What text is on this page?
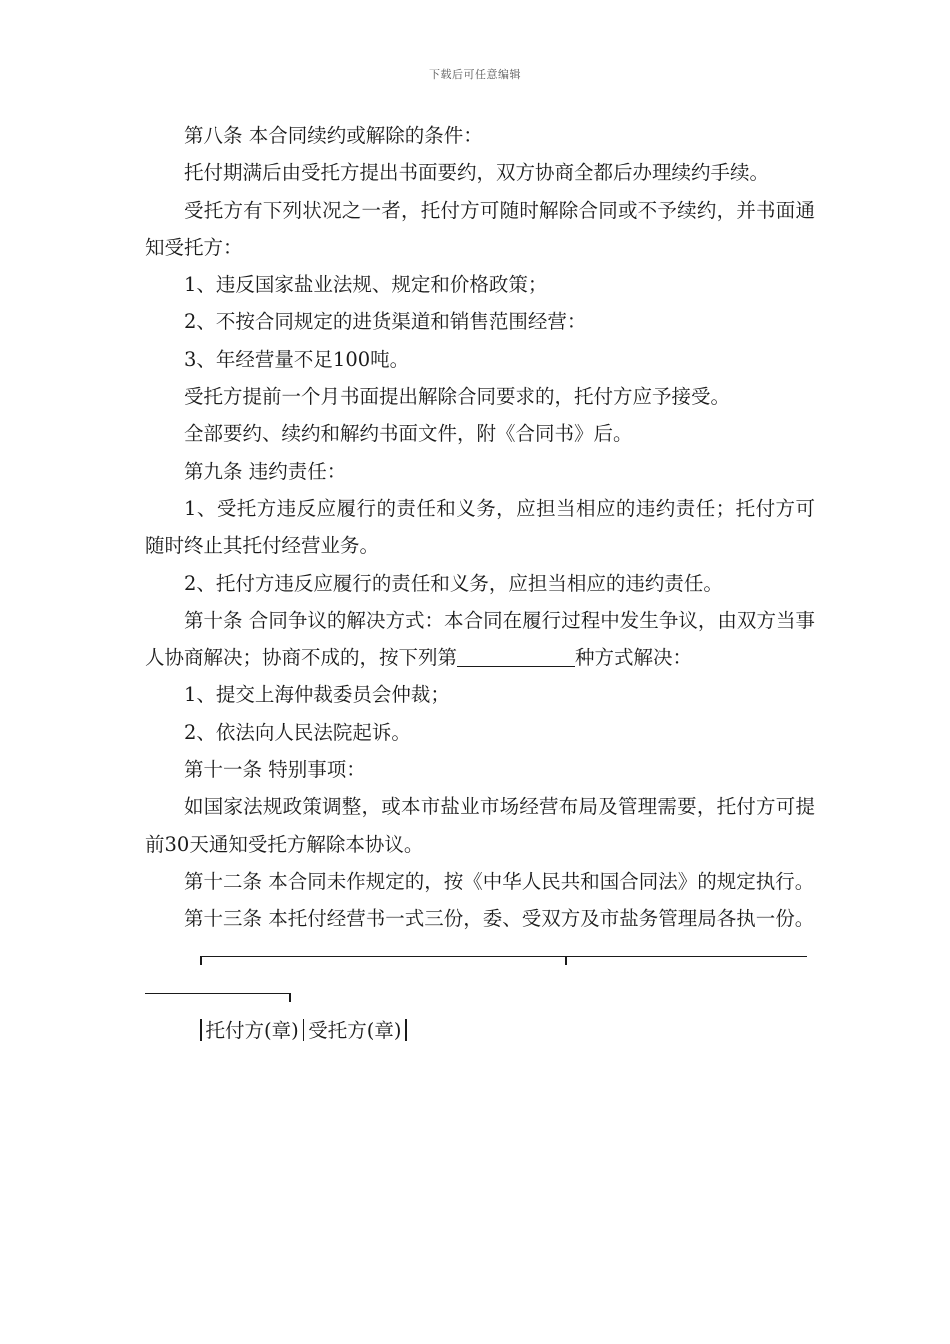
下载后可任意编辑

第八条 本合同续约或解除的条件：

托付期满后由受托方提出书面要约，双方协商全都后办理续约手续。

受托方有下列状况之一者，托付方可随时解除合同或不予续约，并书面通知受托方：

1、违反国家盐业法规、规定和价格政策；

2、不按合同规定的进货渠道和销售范围经营：

3、年经营量不足100吨。

受托方提前一个月书面提出解除合同要求的，托付方应予接受。

全部要约、续约和解约书面文件，附《合同书》后。

第九条 违约责任：

1、受托方违反应履行的责任和义务，应担当相应的违约责任；托付方可随时终止其托付经营业务。

2、托付方违反应履行的责任和义务，应担当相应的违约责任。

第十条 合同争议的解决方式：本合同在履行过程中发生争议，由双方当事人协商解决；协商不成的，按下列第	种方式解决：

1、提交上海仲裁委员会仲裁；

2、依法向人民法院起诉。

第十一条 特别事项：

如国家法规政策调整，或本市盐业市场经营布局及管理需要，托付方可提前30天通知受托方解除本协议。

第十二条 本合同未作规定的，按《中华人民共和国合同法》的规定执行。

第十三条 本托付经营书一式三份，委、受双方及市盐务管理局各执一份。

托付方(章) 受托方(章)
